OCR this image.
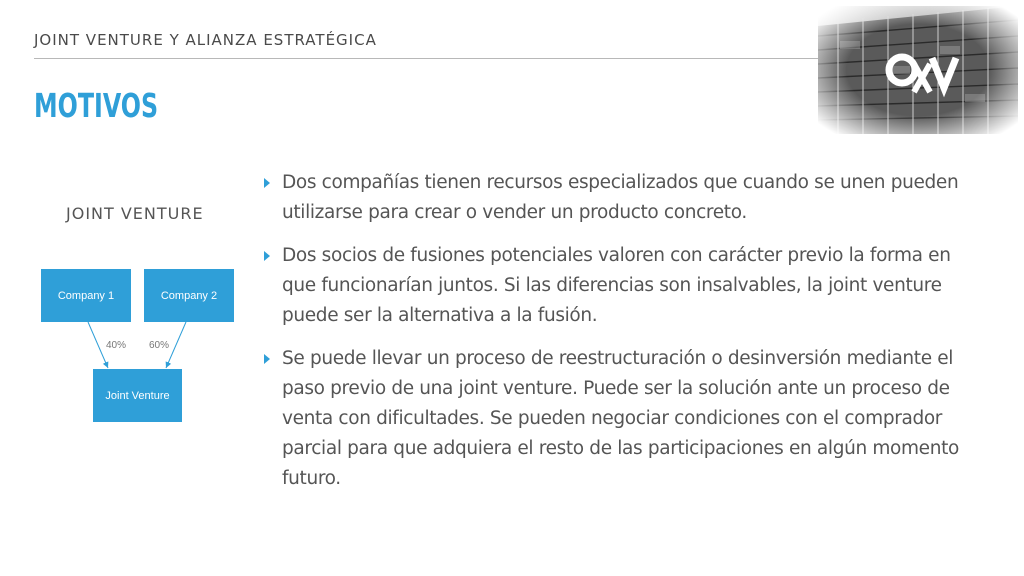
JOINT VENTURE Y ALIANZA ESTRATÉGICA
MOTIVOS
JOINT VENTURE
Company 1	Company 2
Joint Venture
40% 60%
Dos compañías tienen recursos especializados que cuando se unen pueden utilizarse para crear o vender un producto concreto.
Dos socios de fusiones potenciales valoren con carácter previo la forma en que funcionarían juntos. Si las diferencias son insalvables, la joint venture puede ser la alternativa a la fusión.
Se puede llevar un proceso de reestructuración o desinversión mediante el paso previo de una joint venture. Puede ser la solución ante un proceso de venta con dificultades. Se pueden negociar condiciones con el comprador parcial para que adquiera el resto de las participaciones en algún momento futuro.
